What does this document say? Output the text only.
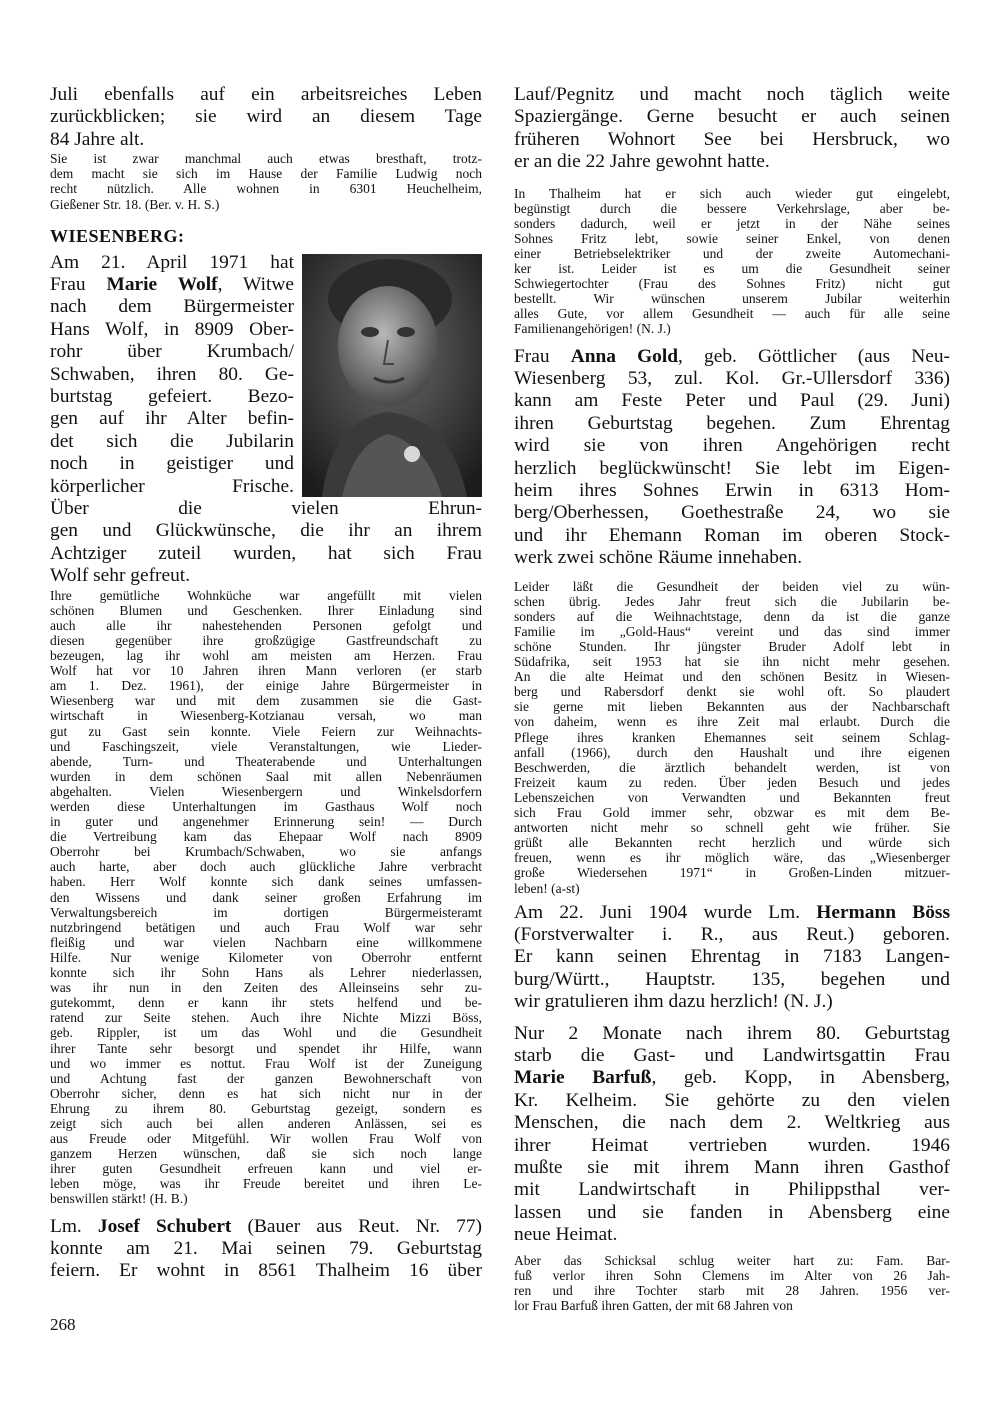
Juli ebenfalls auf ein arbeitsreiches Leben
zurückblicken; sie wird an diesem Tage
84 Jahre alt.

Sie ist zwar manchmal auch etwas bresthaft, trotz-
dem macht sie sich im Hause der Familie Ludwig noch
recht nützlich. Alle wohnen in 6301 Heuchelheim,
Gießener Str. 18. (Ber. v. H. S.)

WIESENBERG:

Am 21. April 1971 hat
Frau Marie Wolf, Witwe
nach dem Bürgermeister
Hans Wolf, in 8909 Ober-
rohr über Krumbach/
Schwaben, ihren 80. Ge-
burtstag gefeiert. Bezo-
gen auf ihr Alter befin-
det sich die Jubilarin
noch in geistiger und
körperlicher Frische.
Über die vielen Ehrun-
gen und Glückwünsche, die ihr an ihrem
Achtziger zuteil wurden, hat sich Frau
Wolf sehr gefreut.

Ihre gemütliche Wohnküche war angefüllt mit vielen
schönen Blumen und Geschenken. Ihrer Einladung sind
auch alle ihr nahestehenden Personen gefolgt und
diesen gegenüber ihre großzügige Gastfreundschaft zu
bezeugen, lag ihr wohl am meisten am Herzen. Frau
Wolf hat vor 10 Jahren ihren Mann verloren (er starb
am 1. Dez. 1961), der einige Jahre Bürgermeister in
Wiesenberg war und mit dem zusammen sie die Gast-
wirtschaft in Wiesenberg-Kotzianau versah, wo man
gut zu Gast sein konnte. Viele Feiern zur Weihnachts-
und Faschingszeit, viele Veranstaltungen, wie Lieder-
abende, Turn- und Theaterabende und Unterhaltungen
wurden in dem schönen Saal mit allen Nebenräumen
abgehalten. Vielen Wiesenbergern und Winkelsdorfern
werden diese Unterhaltungen im Gasthaus Wolf noch
in guter und angenehmer Erinnerung sein! — Durch
die Vertreibung kam das Ehepaar Wolf nach 8909
Oberrohr bei Krumbach/Schwaben, wo sie anfangs
auch harte, aber doch auch glückliche Jahre verbracht
haben. Herr Wolf konnte sich dank seines umfassen-
den Wissens und dank seiner großen Erfahrung im
Verwaltungsbereich im dortigen Bürgermeisteramt
nutzbringend betätigen und auch Frau Wolf war sehr
fleißig und war vielen Nachbarn eine willkommene
Hilfe. Nur wenige Kilometer von Oberrohr entfernt
konnte sich ihr Sohn Hans als Lehrer niederlassen,
was ihr nun in den Zeiten des Alleinseins sehr zu-
gutekommt, denn er kann ihr stets helfend und be-
ratend zur Seite stehen. Auch ihre Nichte Mizzi Böss,
geb. Rippler, ist um das Wohl und die Gesundheit
ihrer Tante sehr besorgt und spendet ihr Hilfe, wann
und wo immer es nottut. Frau Wolf ist der Zuneigung
und Achtung fast der ganzen Bewohnerschaft von
Oberrohr sicher, denn es hat sich nicht nur in der
Ehrung zu ihrem 80. Geburtstag gezeigt, sondern es
zeigt sich auch bei allen anderen Anlässen, sei es
aus Freude oder Mitgefühl. Wir wollen Frau Wolf von
ganzem Herzen wünschen, daß sie sich noch lange
ihrer guten Gesundheit erfreuen kann und viel er-
leben möge, was ihr Freude bereitet und ihren Le-
benswillen stärkt! (H. B.)

Lm. Josef Schubert (Bauer aus Reut. Nr. 77)
konnte am 21. Mai seinen 79. Geburtstag
feiern. Er wohnt in 8561 Thalheim 16 über

Lauf/Pegnitz und macht noch täglich weite
Spaziergänge. Gerne besucht er auch seinen
früheren Wohnort See bei Hersbruck, wo
er an die 22 Jahre gewohnt hatte.

In Thalheim hat er sich auch wieder gut eingelebt,
begünstigt durch die bessere Verkehrslage, aber be-
sonders dadurch, weil er jetzt in der Nähe seines
Sohnes Fritz lebt, sowie seiner Enkel, von denen
einer Betriebselektriker und der zweite Automechani-
ker ist. Leider ist es um die Gesundheit seiner
Schwiegertochter (Frau des Sohnes Fritz) nicht gut
bestellt. Wir wünschen unserem Jubilar weiterhin
alles Gute, vor allem Gesundheit — auch für alle seine
Familienangehörigen! (N. J.)

Frau Anna Gold, geb. Göttlicher (aus Neu-
Wiesenberg 53, zul. Kol. Gr.-Ullersdorf 336)
kann am Feste Peter und Paul (29. Juni)
ihren Geburtstag begehen. Zum Ehrentag
wird sie von ihren Angehörigen recht
herzlich beglückwünscht! Sie lebt im Eigen-
heim ihres Sohnes Erwin in 6313 Hom-
berg/Oberhessen, Goethestraße 24, wo sie
und ihr Ehemann Roman im oberen Stock-
werk zwei schöne Räume innehaben.

Leider läßt die Gesundheit der beiden viel zu wün-
schen übrig. Jedes Jahr freut sich die Jubilarin be-
sonders auf die Weihnachtstage, denn da ist die ganze
Familie im „Gold-Haus“ vereint und das sind immer
schöne Stunden. Ihr jüngster Bruder Adolf lebt in
Südafrika, seit 1953 hat sie ihn nicht mehr gesehen.
An die alte Heimat und den schönen Besitz in Wiesen-
berg und Rabersdorf denkt sie wohl oft. So plaudert
sie gerne mit lieben Bekannten aus der Nachbarschaft
von daheim, wenn es ihre Zeit mal erlaubt. Durch die
Pflege ihres kranken Ehemannes seit seinem Schlag-
anfall (1966), durch den Haushalt und ihre eigenen
Beschwerden, die ärztlich behandelt werden, ist von
Freizeit kaum zu reden. Über jeden Besuch und jedes
Lebenszeichen von Verwandten und Bekannten freut
sich Frau Gold immer sehr, obzwar es mit dem Be-
antworten nicht mehr so schnell geht wie früher. Sie
grüßt alle Bekannten recht herzlich und würde sich
freuen, wenn es ihr möglich wäre, das „Wiesenberger
große Wiedersehen 1971“ in Großen-Linden mitzuer-
leben! (a-st)

Am 22. Juni 1904 wurde Lm. Hermann Böss
(Forstverwalter i. R., aus Reut.) geboren.
Er kann seinen Ehrentag in 7183 Langen-
burg/Württ., Hauptstr. 135, begehen und
wir gratulieren ihm dazu herzlich! (N. J.)

Nur 2 Monate nach ihrem 80. Geburtstag
starb die Gast- und Landwirtsgattin Frau
Marie Barfuß, geb. Kopp, in Abensberg,
Kr. Kelheim. Sie gehörte zu den vielen
Menschen, die nach dem 2. Weltkrieg aus
ihrer Heimat vertrieben wurden. 1946
mußte sie mit ihrem Mann ihren Gasthof
mit Landwirtschaft in Philippsthal ver-
lassen und sie fanden in Abensberg eine
neue Heimat.

Aber das Schicksal schlug weiter hart zu: Fam. Bar-
fuß verlor ihren Sohn Clemens im Alter von 26 Jah-
ren und ihre Tochter starb mit 28 Jahren. 1956 ver-
lor Frau Barfuß ihren Gatten, der mit 68 Jahren von

268
